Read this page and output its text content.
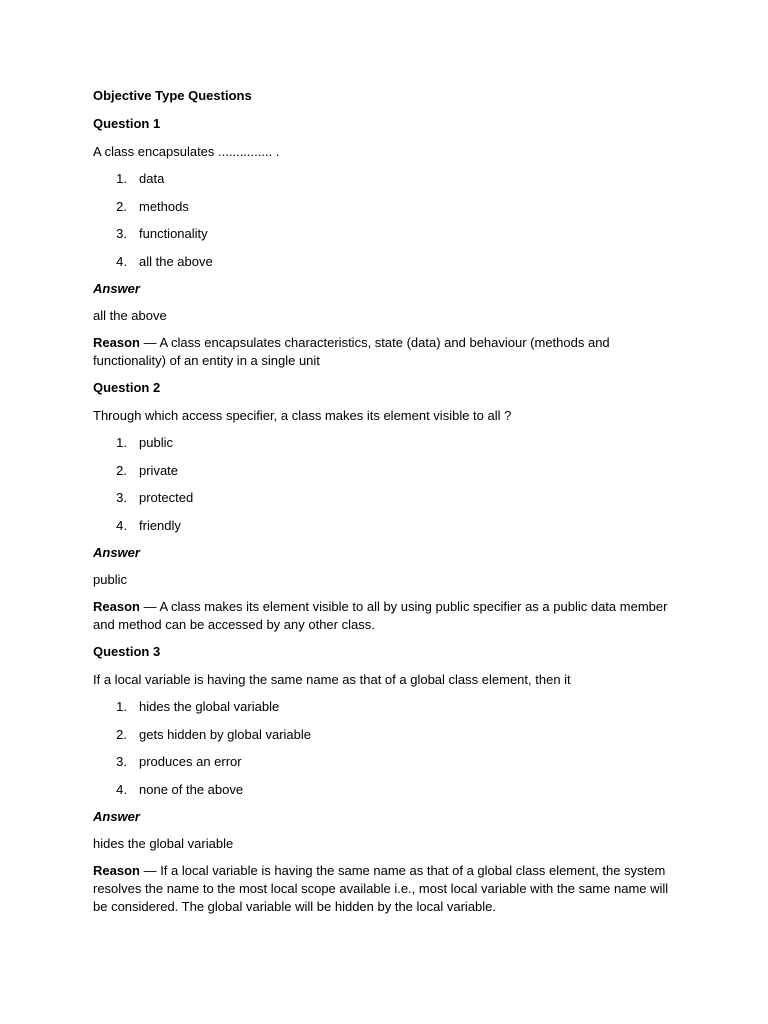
Objective Type Questions
Question 1
A class encapsulates ............... .
1. data
2. methods
3. functionality
4. all the above
Answer
all the above
Reason — A class encapsulates characteristics, state (data) and behaviour (methods and functionality) of an entity in a single unit
Question 2
Through which access specifier, a class makes its element visible to all ?
1. public
2. private
3. protected
4. friendly
Answer
public
Reason — A class makes its element visible to all by using public specifier as a public data member and method can be accessed by any other class.
Question 3
If a local variable is having the same name as that of a global class element, then it
1. hides the global variable
2. gets hidden by global variable
3. produces an error
4. none of the above
Answer
hides the global variable
Reason — If a local variable is having the same name as that of a global class element, the system resolves the name to the most local scope available i.e., most local variable with the same name will be considered. The global variable will be hidden by the local variable.
